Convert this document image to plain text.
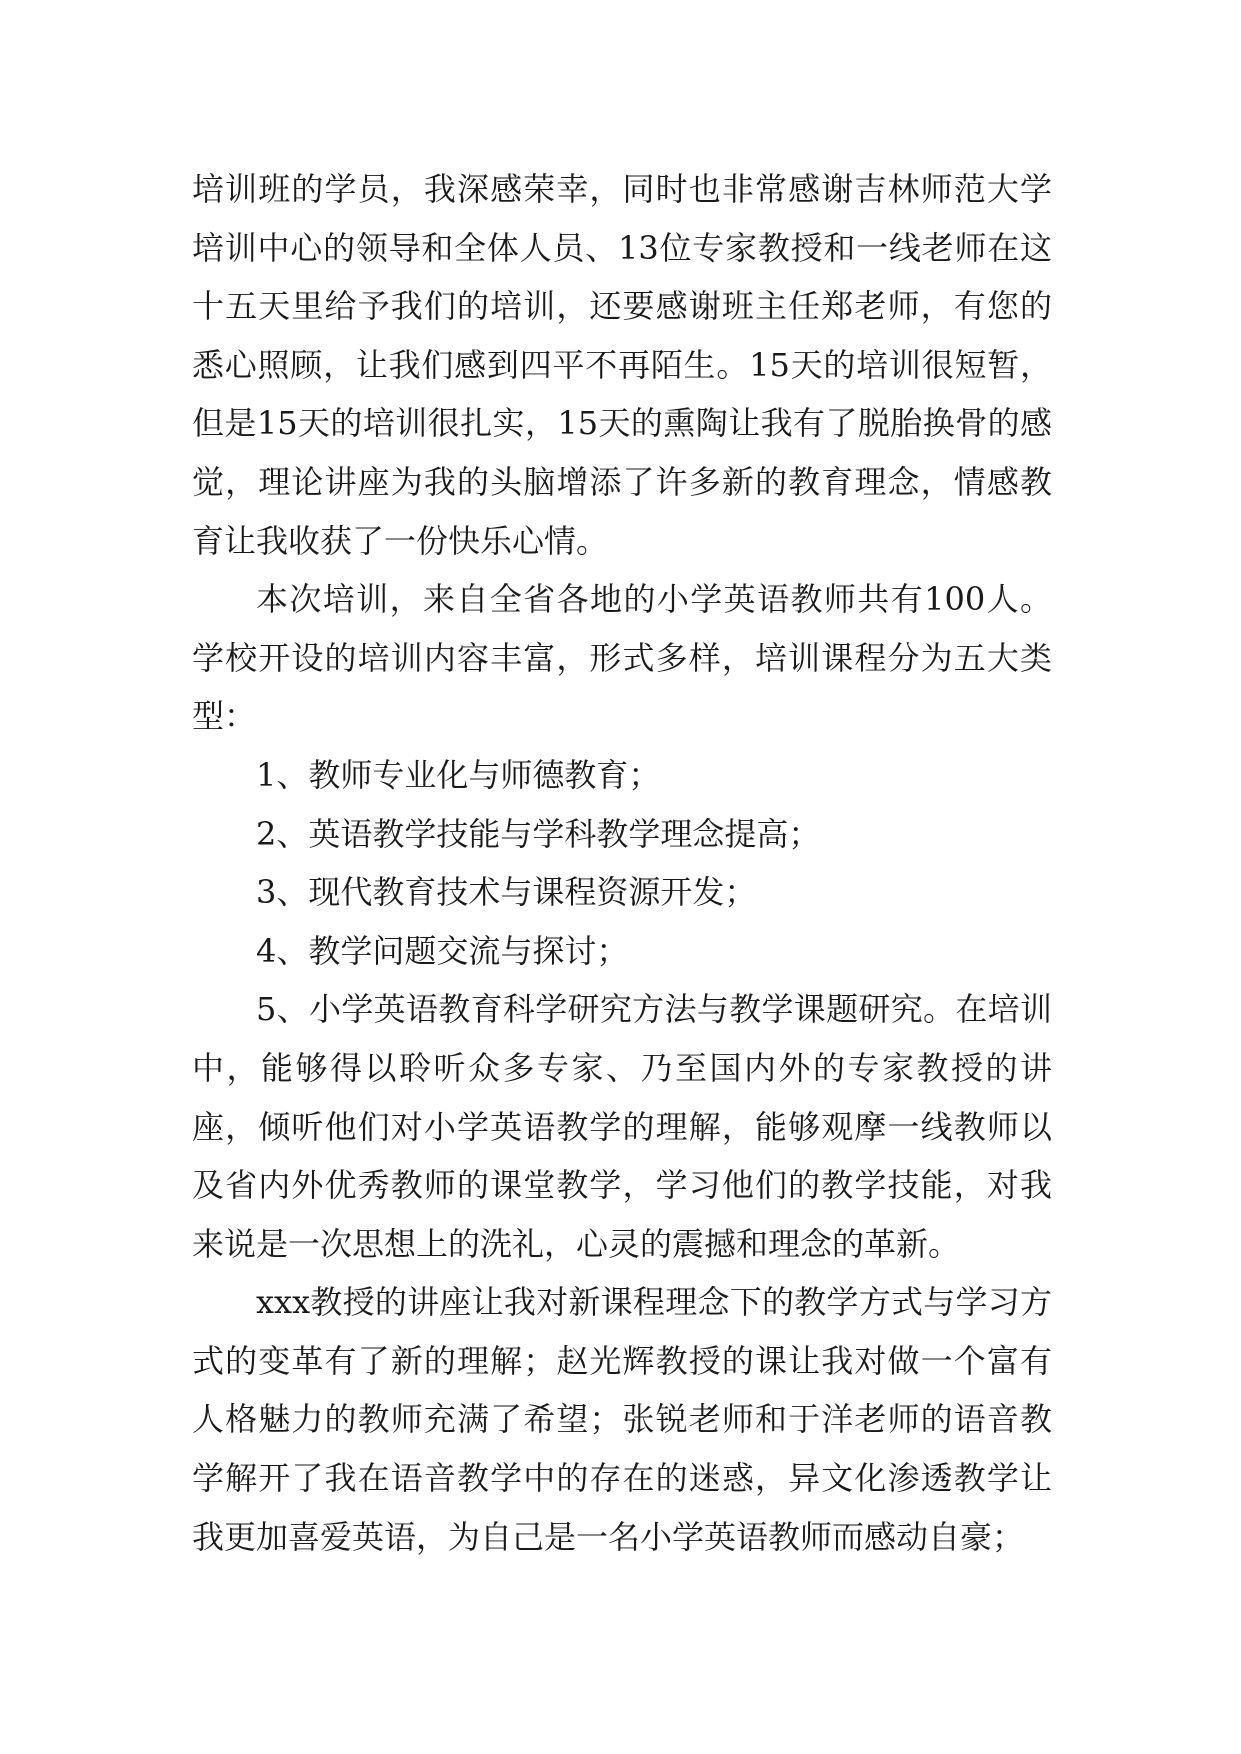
培训班的学员，我深感荣幸，同时也非常感谢吉林师范大学培训中心的领导和全体人员、13位专家教授和一线老师在这十五天里给予我们的培训，还要感谢班主任郑老师，有您的悉心照顾，让我们感到四平不再陌生。15天的培训很短暂，但是15天的培训很扎实，15天的熏陶让我有了脱胎换骨的感觉，理论讲座为我的头脑增添了许多新的教育理念，情感教育让我收获了一份快乐心情。

本次培训，来自全省各地的小学英语教师共有100人。学校开设的培训内容丰富，形式多样，培训课程分为五大类型：

1、教师专业化与师德教育；

2、英语教学技能与学科教学理念提高；

3、现代教育技术与课程资源开发；

4、教学问题交流与探讨；

5、小学英语教育科学研究方法与教学课题研究。在培训中，能够得以聆听众多专家、乃至国内外的专家教授的讲座，倾听他们对小学英语教学的理解，能够观摩一线教师以及省内外优秀教师的课堂教学，学习他们的教学技能，对我来说是一次思想上的洗礼，心灵的震撼和理念的革新。

xxx教授的讲座让我对新课程理念下的教学方式与学习方式的变革有了新的理解；赵光辉教授的课让我对做一个富有人格魅力的教师充满了希望；张锐老师和于洋老师的语音教学解开了我在语音教学中的存在的迷惑，异文化渗透教学让我更加喜爱英语，为自己是一名小学英语教师而感动自豪；
